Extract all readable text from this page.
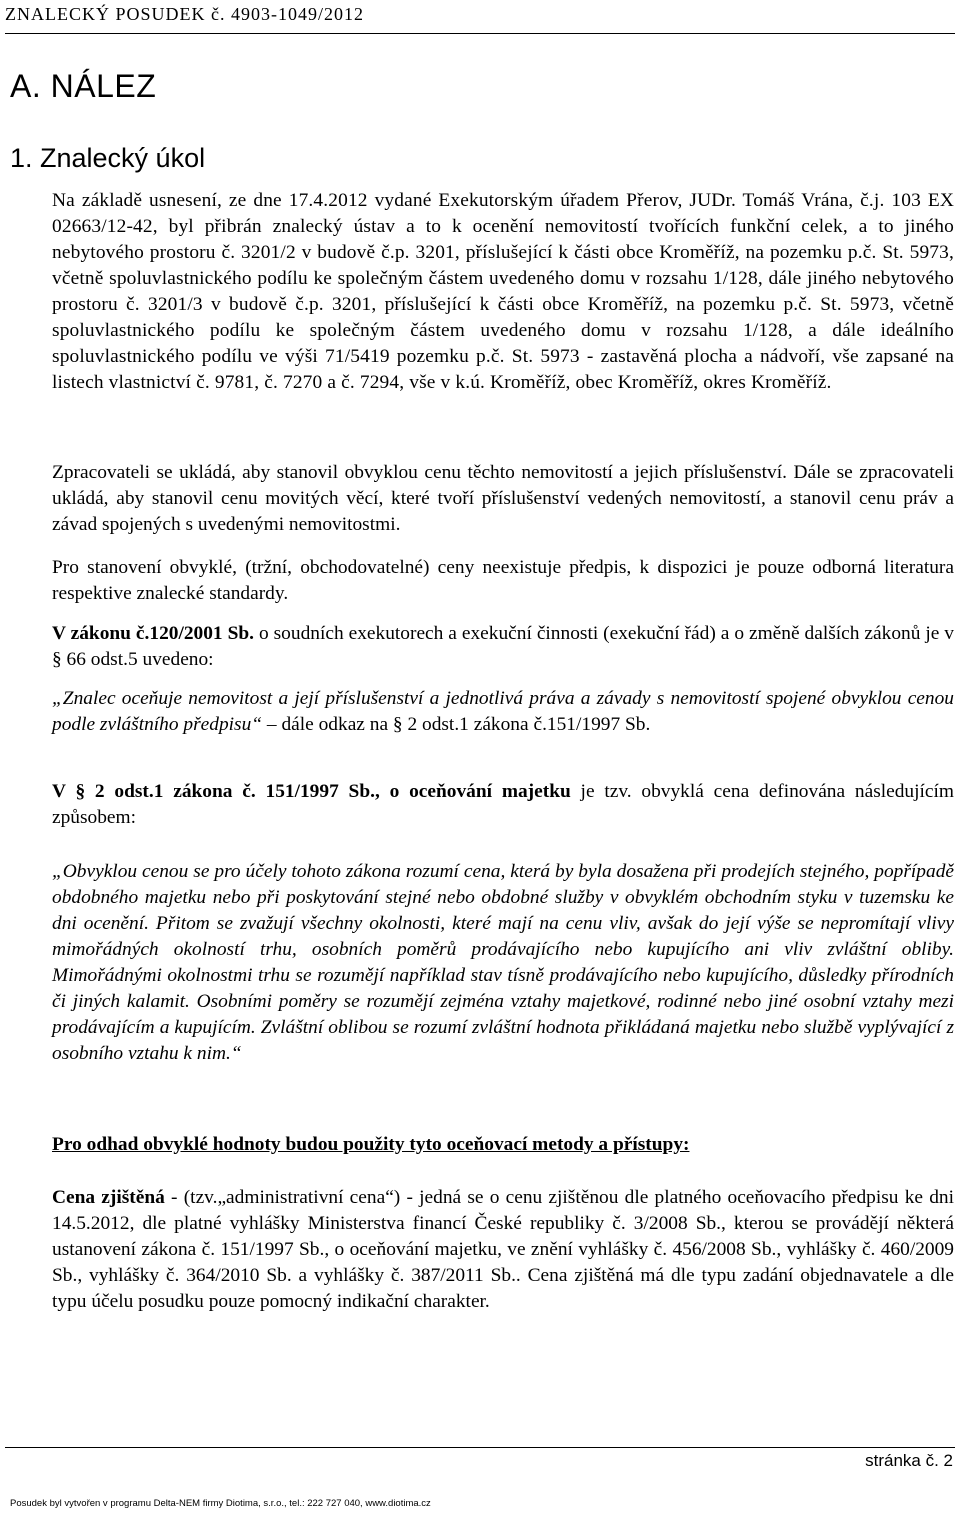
ZNALECKÝ POSUDEK č. 4903-1049/2012
A. NÁLEZ
1. Znalecký úkol

Na základě usnesení, ze dne 17.4.2012 vydané Exekutorským úřadem Přerov, JUDr. Tomáš Vrána, č.j. 103 EX 02663/12-42, byl přibrán znalecký ústav a to k ocenění nemovitostí tvořících funkční celek, a to jiného nebytového prostoru č. 3201/2 v budově č.p. 3201, příslušející k části obce Kroměříž, na pozemku p.č. St. 5973, včetně spoluvlastnického podílu ke společným částem uvedeného domu v rozsahu 1/128, dále jiného nebytového prostoru č. 3201/3 v budově č.p. 3201, příslušející k části obce Kroměříž, na pozemku p.č. St. 5973, včetně spoluvlastnického podílu ke společným částem uvedeného domu v rozsahu 1/128, a dále ideálního spoluvlastnického podílu ve výši 71/5419 pozemku p.č. St. 5973 - zastavěná plocha a nádvoří, vše zapsané na listech vlastnictví č. 9781, č. 7270 a č. 7294, vše v k.ú. Kroměříž, obec Kroměříž, okres Kroměříž.

Zpracovateli se ukládá, aby stanovil obvyklou cenu těchto nemovitostí a jejich příslušenství. Dále se zpracovateli ukládá, aby stanovil cenu movitých věcí, které tvoří příslušenství vedených nemovitostí, a stanovil cenu práv a závad spojených s uvedenými nemovitostmi.

Pro stanovení obvyklé, (tržní, obchodovatelné) ceny neexistuje předpis, k dispozici je pouze odborná literatura respektive znalecké standardy.

V zákonu č.120/2001 Sb. o soudních exekutorech a exekuční činnosti (exekuční řád) a o změně dalších zákonů je v § 66 odst.5 uvedeno:

„Znalec oceňuje nemovitost a její příslušenství a jednotlivá práva a závady s nemovitostí spojené obvyklou cenou podle zvláštního předpisu“ – dále odkaz na § 2 odst.1 zákona č.151/1997 Sb.

V § 2 odst.1 zákona č. 151/1997 Sb., o oceňování majetku je tzv. obvyklá cena definována následujícím způsobem:

„Obvyklou cenou se pro účely tohoto zákona rozumí cena, která by byla dosažena při prodejích stejného, popřípadě obdobného majetku nebo při poskytování stejné nebo obdobné služby v obvyklém obchodním styku v tuzemsku ke dni ocenění. Přitom se zvažují všechny okolnosti, které mají na cenu vliv, avšak do její výše se nepromítají vlivy mimořádných okolností trhu, osobních poměrů prodávajícího nebo kupujícího ani vliv zvláštní obliby. Mimořádnými okolnostmi trhu se rozumějí například stav tísně prodávajícího nebo kupujícího, důsledky přírodních či jiných kalamit. Osobními poměry se rozumějí zejména vztahy majetkové, rodinné nebo jiné osobní vztahy mezi prodávajícím a kupujícím. Zvláštní oblibou se rozumí zvláštní hodnota přikládaná majetku nebo službě vyplývající z osobního vztahu k nim.“

Pro odhad obvyklé hodnoty budou použity tyto oceňovací metody a přístupy:

Cena zjištěná - (tzv.„administrativní cena“) - jedná se o cenu zjištěnou dle platného oceňovacího předpisu ke dni 14.5.2012, dle platné vyhlášky Ministerstva financí České republiky č. 3/2008 Sb., kterou se provádějí některá ustanovení zákona č. 151/1997 Sb., o oceňování majetku, ve znění vyhlášky č. 456/2008 Sb., vyhlášky č. 460/2009 Sb., vyhlášky č. 364/2010 Sb. a vyhlášky č. 387/2011 Sb.. Cena zjištěná má dle typu zadání objednavatele a dle typu účelu posudku pouze pomocný indikační charakter.

stránka č. 2
Posudek byl vytvořen v programu Delta-NEM firmy Diotima, s.r.o., tel.: 222 727 040, www.diotima.cz
